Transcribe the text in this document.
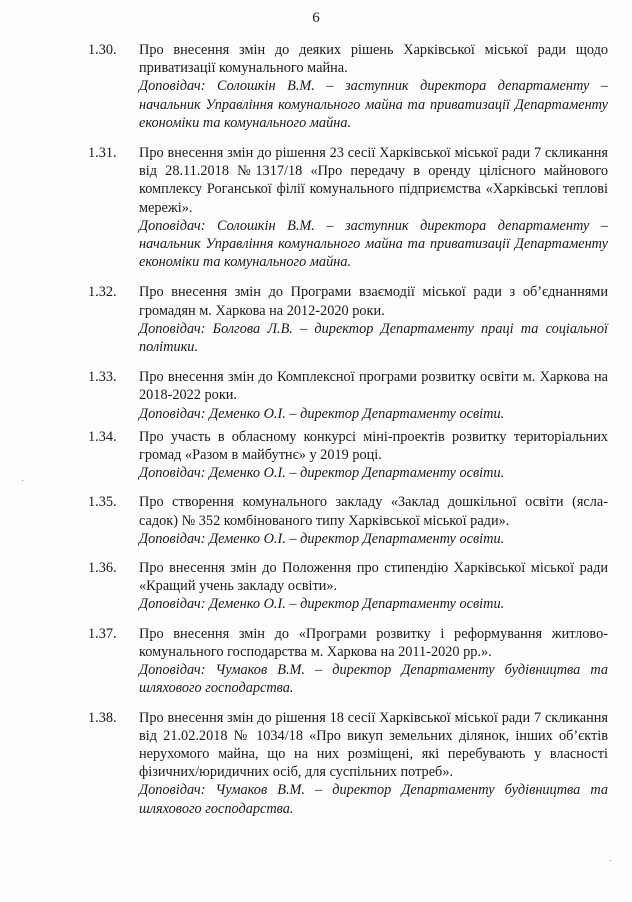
6
1.30.	Про внесення змін до деяких рішень Харківської міської ради щодо приватизації комунального майна.

Доповідач: Солошкін В.М. – заступник директора департаменту – начальник Управління комунального майна та приватизації Департаменту економіки та комунального майна.

1.31.	Про внесення змін до рішення 23 сесії Харківської міської ради 7 скликання від 28.11.2018 №1317/18 «Про передачу в оренду цілісного майнового комплексу Роганської філії комунального підприємства «Харківські теплові мережі».

Доповідач: Солошкін В.М. – заступник директора департаменту – начальник Управління комунального майна та приватизації Департаменту економіки та комунального майна.

1.32.	Про внесення змін до Програми взаємодії міської ради з об’єднаннями громадян м. Харкова на 2012-2020 роки.

Доповідач: Болгова Л.В. – директор Департаменту праці та соціальної політики.

1.33.	Про внесення змін до Комплексної програми розвитку освіти м. Харкова на 2018-2022 роки.

Доповідач: Деменко О.І. – директор Департаменту освіти.

1.34.	Про участь в обласному конкурсі міні-проектів розвитку територіальних громад «Разом в майбутнє» у 2019 році.

Доповідач: Деменко О.І. – директор Департаменту освіти.

1.35.	Про створення комунального закладу «Заклад дошкільної освіти (ясла-садок) № 352 комбінованого типу Харківської міської ради».

Доповідач: Деменко О.І. – директор Департаменту освіти.

1.36.	Про внесення змін до Положення про стипендію Харківської міської ради «Кращий учень закладу освіти».

Доповідач: Деменко О.І. – директор Департаменту освіти.

1.37.	Про внесення змін до «Програми розвитку і реформування житлово-комунального господарства м. Харкова на 2011-2020 рр.».

Доповідач: Чумаков В.М. – директор Департаменту будівництва та шляхового господарства.

1.38.	Про внесення змін до рішення 18 сесії Харківської міської ради 7 скликання від 21.02.2018 № 1034/18 «Про викуп земельних ділянок, інших об’єктів нерухомого майна, що на них розміщені, які перебувають у власності фізичних/юридичних осіб, для суспільних потреб».

Доповідач: Чумаков В.М. – директор Департаменту будівництва та шляхового господарства.
